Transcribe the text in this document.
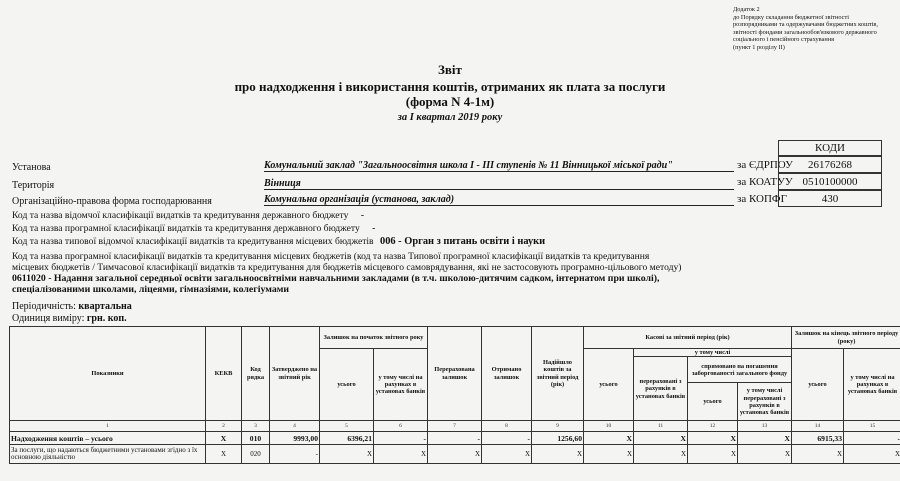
Додаток 2
до Порядку складання бюджетної звітності розпорядниками та одержувачами бюджетних коштів, звітності фондами загальнообов'язкового державного соціального і пенсійного страхування
(пункт 1 розділу II)
Звіт
про надходження і використання коштів, отриманих як плата за послуги
(форма N 4-1м)
за І квартал 2019 року
КОДИ
за ЄДРПОУ	26176268
за КОАТУУ 0510100000
за КОПФГ	430
Установа	Комунальний заклад "Загальноосвітня школа І - ІІІ ступенів № 11 Вінницької міської ради"
Територія	Вінниця
Організаційно-правова форма господарювання	Комунальна організація (установа, заклад)
Код та назва відомчої класифікації видатків та кредитування державного бюджету -
Код та назва програмної класифікації видатків та кредитування державного бюджету -
Код та назва типової відомчої класифікації видатків та кредитування місцевих бюджетів 006 - Орган з питань освіти і науки
Код та назва програмної класифікації видатків та кредитування місцевих бюджетів (код та назва Типової програмної класифікації видатків та кредитування
місцевих бюджетів / Тимчасової класифікації видатків та кредитування для бюджетів місцевого самоврядування, які не застосовують програмно-цільового методу)
0611020 - Надання загальної середньої освіти загальноосвітніми навчальними закладами (в т.ч. школою-дитячим садком, інтернатом при школі),
спеціалізованими школами, ліцеями, гімназіями, колегіумами
Періодичність: квартальна
Одиниця виміру: грн. коп.
Показники	КЕКВ	Код рядка	Затверджено на звітний рік	Залишок на початок звітного року		Перерахована залишок	Отримано залишок	Надійшло коштів за звітний період (рік)	Касові за звітний період (рік)				Залишок на кінець звітного періоду (року)	
				усього	у тому числі на рахунках в установах банків				усього	у тому числі			усього	у тому числі на рахунках в установах банків
										перераховані з рахунків в установах банків	спрямовано на погашення заборгованості загального фонду			
											усього	у тому числі перераховані з рахунків в установах банків		
1	2	3	4	5	6	7	8	9	10	11	12	13	14	15
Надходження коштів – усього	X	010	9993,00	6396,21	-	-	-	1256,60	X	X	X	X	6915,33	-
За послуги, що надаються бюджетними установами згідно з їх основною діяльністю	X	020	-	X	X	X	X	X	X	X	X	X	X	X
